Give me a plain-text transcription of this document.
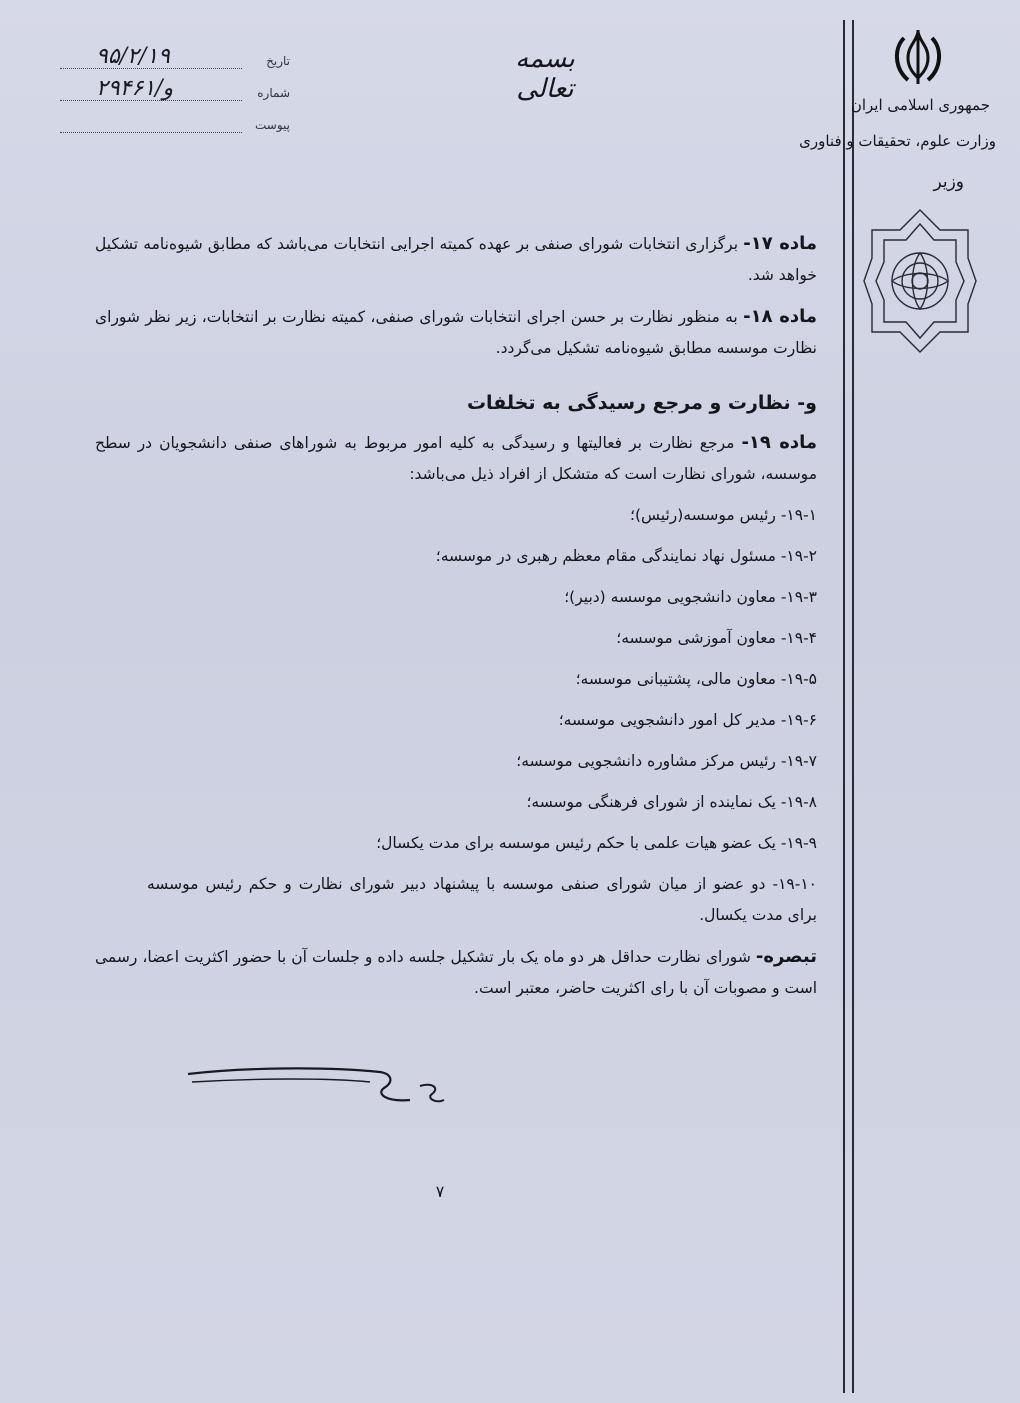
جمهوری اسلامی ایران
وزارت علوم، تحقیقات و فناوری
وزیر
بسمه تعالی
تاریخ
۹۵/۲/۱۹
شماره
۲۹۴۶۱/و
پیوست

ماده ۱۷- برگزاری انتخابات شورای صنفی بر عهده کمیته اجرایی انتخابات می‌باشد که مطابق شیوه‌نامه تشکیل خواهد شد.

ماده ۱۸- به منظور نظارت بر حسن اجرای انتخابات شورای صنفی، کمیته نظارت بر انتخابات، زیر نظر شورای نظارت موسسه مطابق شیوه‌نامه تشکیل می‌گردد.

و- نظارت و مرجع رسیدگی به تخلفات

ماده ۱۹- مرجع نظارت بر فعالیتها و رسیدگی به کلیه امور مربوط به شوراهای صنفی دانشجویان در سطح موسسه، شورای نظارت است که متشکل از افراد ذیل می‌باشد:

۱۹-۱- رئیس موسسه(رئیس)؛
۱۹-۲- مسئول نهاد نمایندگی مقام معظم رهبری در موسسه؛
۱۹-۳- معاون دانشجویی موسسه (دبیر)؛
۱۹-۴- معاون آموزشی موسسه؛
۱۹-۵- معاون مالی، پشتیبانی موسسه؛
۱۹-۶- مدیر کل امور دانشجویی موسسه؛
۱۹-۷- رئیس مرکز مشاوره دانشجویی موسسه؛
۱۹-۸- یک نماینده از شورای فرهنگی موسسه؛
۱۹-۹- یک عضو هیات علمی با حکم رئیس موسسه برای مدت یکسال؛
۱۹-۱۰- دو عضو از میان شورای صنفی موسسه با پیشنهاد دبیر شورای نظارت و حکم رئیس موسسه برای مدت یکسال.

تبصره- شورای نظارت حداقل هر دو ماه یک بار تشکیل جلسه داده و جلسات آن با حضور اکثریت اعضا، رسمی است و مصوبات آن با رای اکثریت حاضر، معتبر است.

۷
